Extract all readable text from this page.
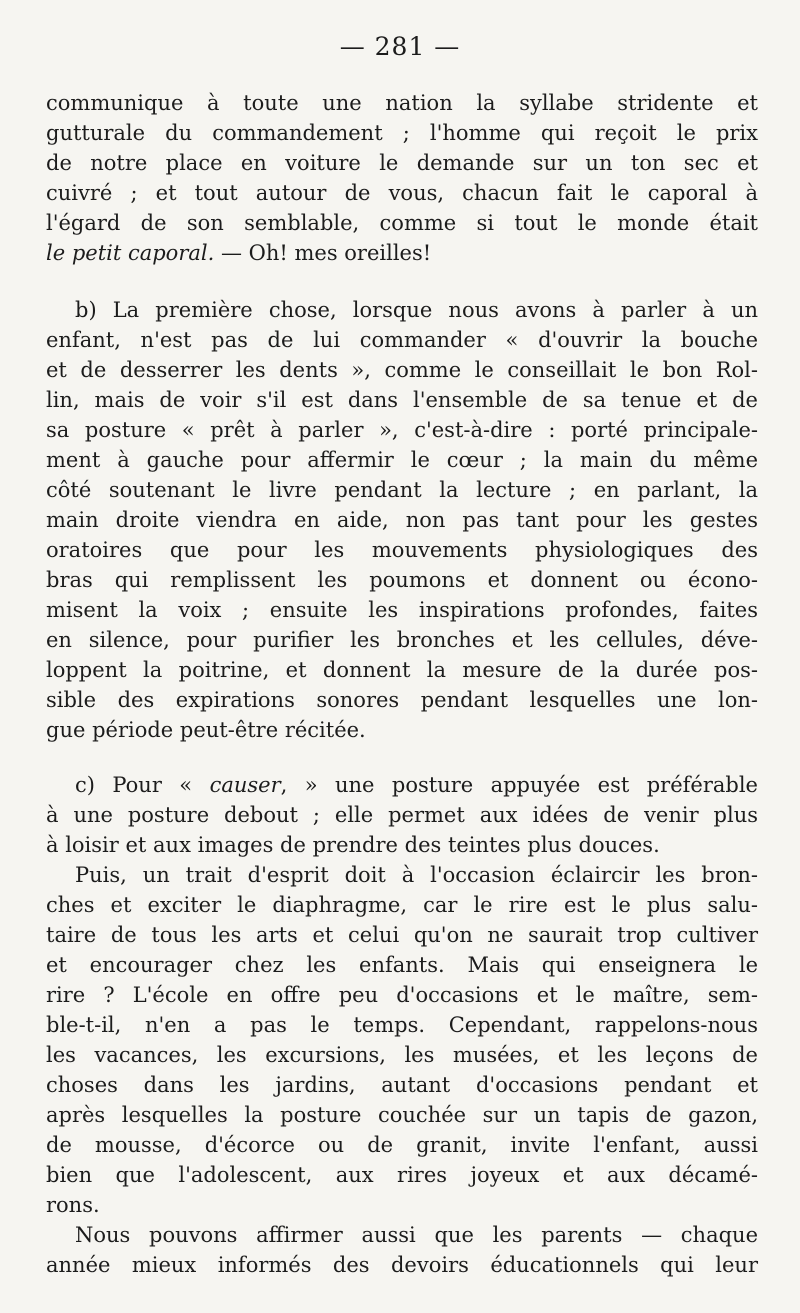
— 281 —
communique à toute une nation la syllabe stridente et
gutturale du commandement ; l'homme qui reçoit le prix
de notre place en voiture le demande sur un ton sec et
cuivré ; et tout autour de vous, chacun fait le caporal à
l'égard de son semblable, comme si tout le monde était
le petit caporal. — Oh! mes oreilles!
b) La première chose, lorsque nous avons à parler à un
enfant, n'est pas de lui commander « d'ouvrir la bouche
et de desserrer les dents », comme le conseillait le bon Rol-
lin, mais de voir s'il est dans l'ensemble de sa tenue et de
sa posture « prêt à parler », c'est-à-dire : porté principale-
ment à gauche pour affermir le cœur ; la main du même
côté soutenant le livre pendant la lecture ; en parlant, la
main droite viendra en aide, non pas tant pour les gestes
oratoires que pour les mouvements physiologiques des
bras qui remplissent les poumons et donnent ou écono-
misent la voix ; ensuite les inspirations profondes, faites
en silence, pour purifier les bronches et les cellules, déve-
loppent la poitrine, et donnent la mesure de la durée pos-
sible des expirations sonores pendant lesquelles une lon-
gue période peut-être récitée.
c) Pour « causer, » une posture appuyée est préférable
à une posture debout ; elle permet aux idées de venir plus
à loisir et aux images de prendre des teintes plus douces.
Puis, un trait d'esprit doit à l'occasion éclaircir les bron-
ches et exciter le diaphragme, car le rire est le plus salu-
taire de tous les arts et celui qu'on ne saurait trop cultiver
et encourager chez les enfants. Mais qui enseignera le
rire ? L'école en offre peu d'occasions et le maître, sem-
ble-t-il, n'en a pas le temps. Cependant, rappelons-nous
les vacances, les excursions, les musées, et les leçons de
choses dans les jardins, autant d'occasions pendant et
après lesquelles la posture couchée sur un tapis de gazon,
de mousse, d'écorce ou de granit, invite l'enfant, aussi
bien que l'adolescent, aux rires joyeux et aux décamé-
rons.
Nous pouvons affirmer aussi que les parents — chaque
année mieux informés des devoirs éducationnels qui leur
